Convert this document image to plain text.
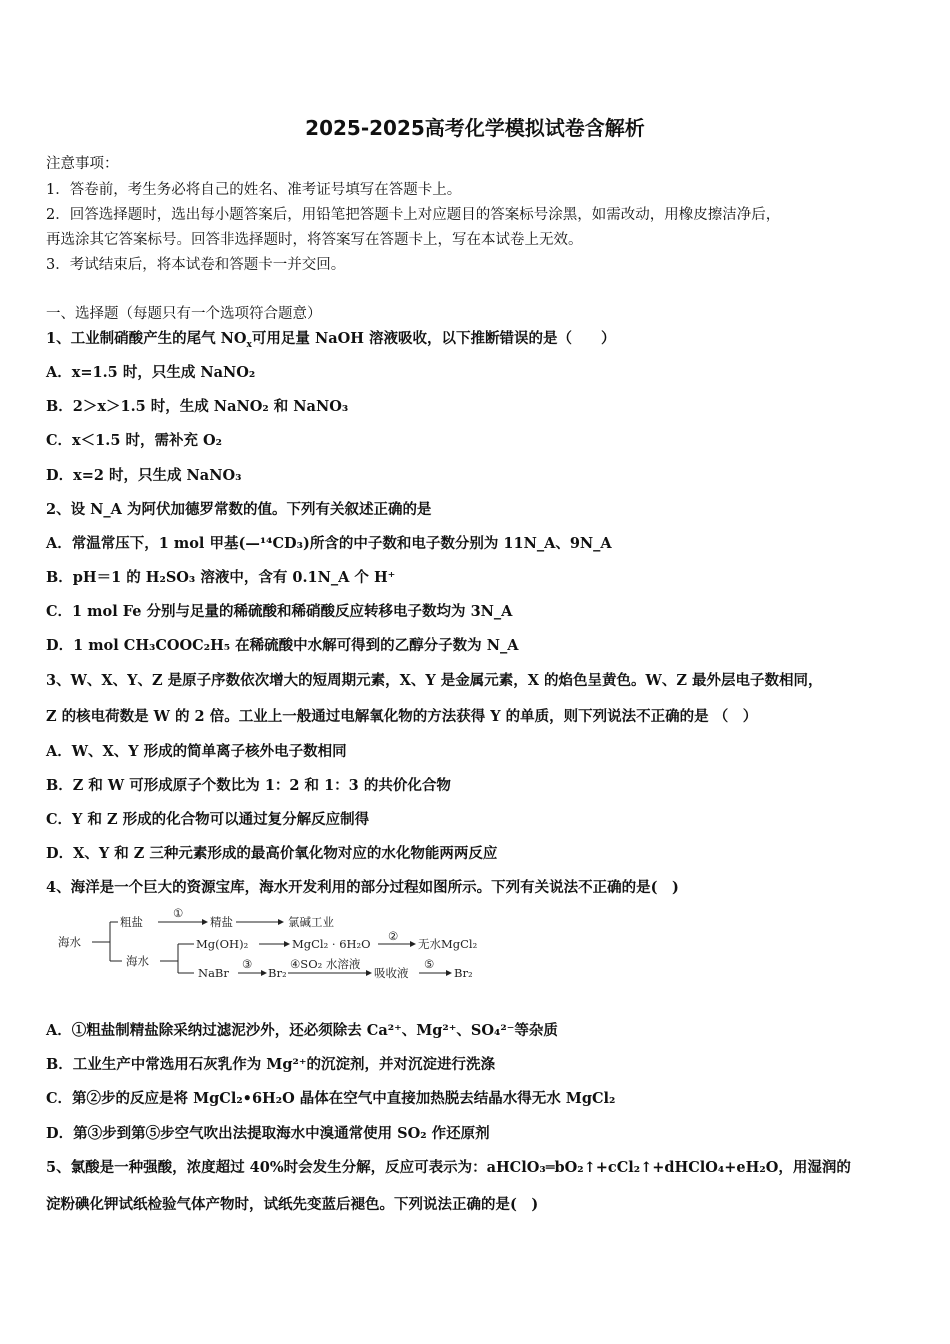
2025-2025高考化学模拟试卷含解析
注意事项：
1．答卷前，考生务必将自己的姓名、准考证号填写在答题卡上。
2．回答选择题时，选出每小题答案后，用铅笔把答题卡上对应题目的答案标号涂黑，如需改动，用橡皮擦洁净后，
再选涂其它答案标号。回答非选择题时，将答案写在答题卡上，写在本试卷上无效。
3．考试结束后，将本试卷和答题卡一并交回。
一、选择题（每题只有一个选项符合题意）
1、工业制硝酸产生的尾气 $NO_x$可用足量 NaOH 溶液吸收，以下推断错误的是（　　）
A．x=1.5 时，只生成 NaNO₂
B．2＞x＞1.5 时，生成 NaNO₂ 和 NaNO₃
C．x＜1.5 时，需补充 O₂
D．x=2 时，只生成 NaNO₃
2、设 N_A 为阿伏加德罗常数的值。下列有关叙述正确的是
A．常温常压下，1 mol 甲基(—¹⁴CD₃)所含的中子数和电子数分别为 11N_A、9N_A
B．pH＝1 的 H₂SO₃ 溶液中，含有 0.1N_A 个 H⁺
C．1 mol Fe 分别与足量的稀硫酸和稀硝酸反应转移电子数均为 3N_A
D．1 mol CH₃COOC₂H₅ 在稀硫酸中水解可得到的乙醇分子数为 N_A
3、W、X、Y、Z 是原子序数依次增大的短周期元素，X、Y 是金属元素，X 的焰色呈黄色。W、Z 最外层电子数相同，
Z 的核电荷数是 W 的 2 倍。工业上一般通过电解氧化物的方法获得 Y 的单质，则下列说法不正确的是 （　）
A．W、X、Y 形成的简单离子核外电子数相同
B．Z 和 W 可形成原子个数比为 1：2 和 1：3 的共价化合物
C．Y 和 Z 形成的化合物可以通过复分解反应制得
D．X、Y 和 Z 三种元素形成的最高价氧化物对应的水化物能两两反应
4、海洋是一个巨大的资源宝库，海水开发利用的部分过程如图所示。下列有关说法不正确的是(　)
海水
粗盐
①
精盐	氯碱工业
海水
Mg(OH)₂	MgCl₂ · 6H₂O
②
无水MgCl₂
NaBr
③
Br₂
④SO₂ 水溶液
吸收液
⑤
Br₂
A．①粗盐制精盐除采纳过滤泥沙外，还必须除去 Ca²⁺、Mg²⁺、SO₄²⁻等杂质
B．工业生产中常选用石灰乳作为 Mg²⁺的沉淀剂，并对沉淀进行洗涤
C．第②步的反应是将 MgCl₂•6H₂O 晶体在空气中直接加热脱去结晶水得无水 MgCl₂
D．第③步到第⑤步空气吹出法提取海水中溴通常使用 SO₂ 作还原剂
5、氯酸是一种强酸，浓度超过 40%时会发生分解，反应可表示为：aHClO₃═bO₂↑+cCl₂↑+dHClO₄+eH₂O，用湿润的
淀粉碘化钾试纸检验气体产物时，试纸先变蓝后褪色。下列说法正确的是(　)
